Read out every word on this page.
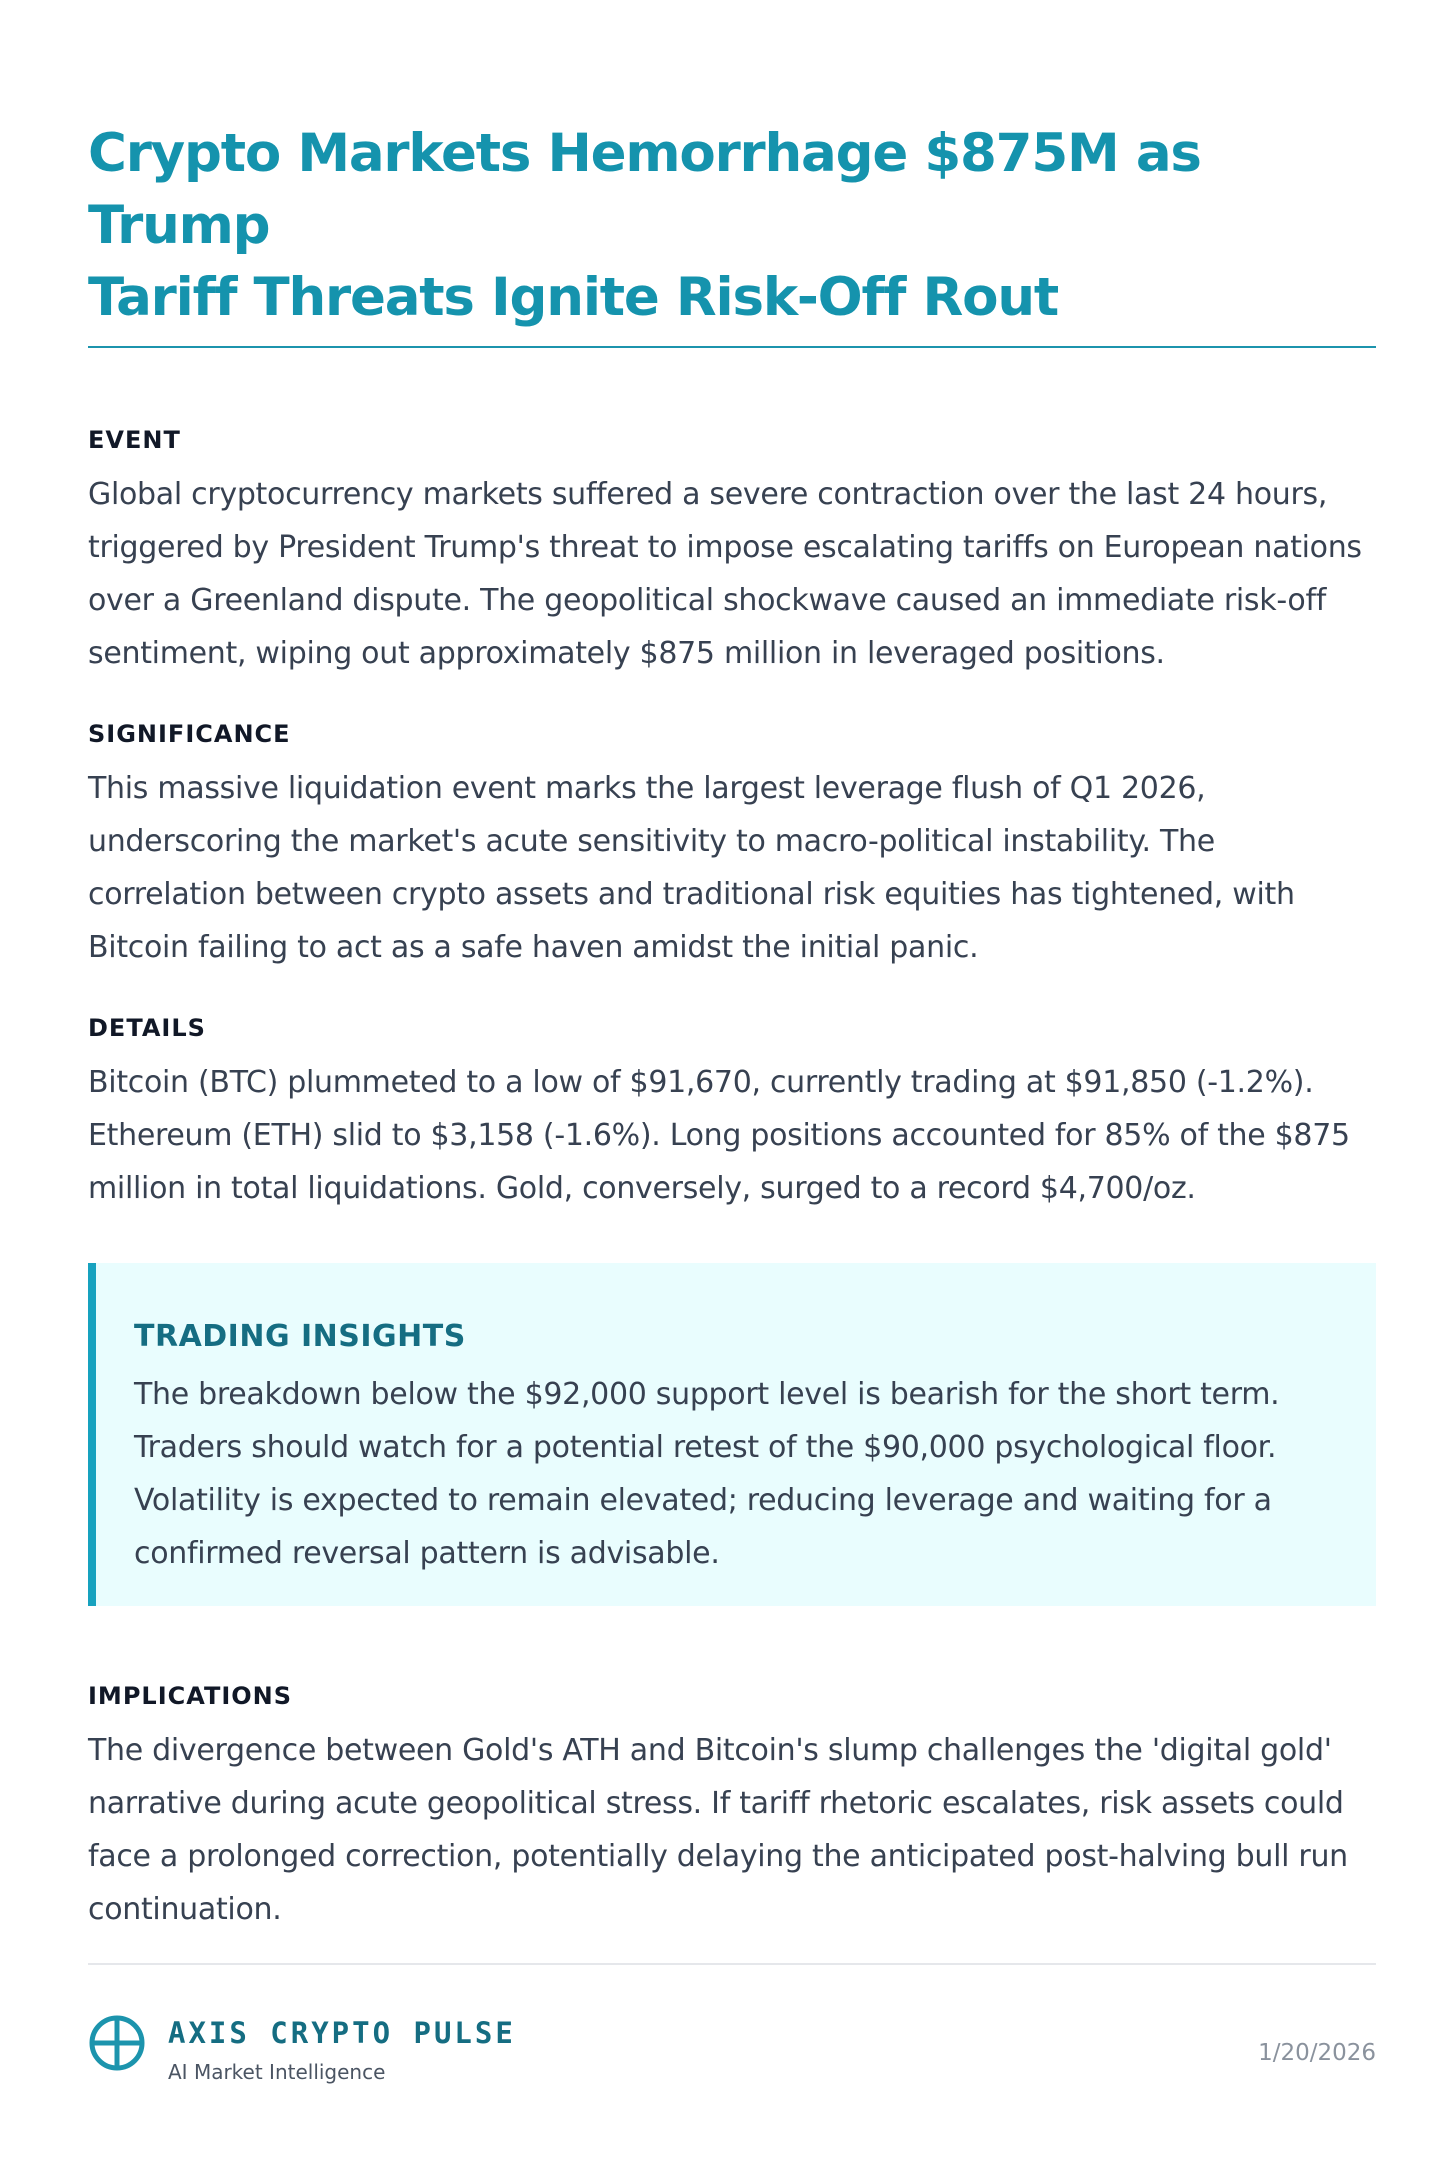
Crypto Markets Hemorrhage $875M as Trump
Tariff Threats Ignite Risk-Off Rout
EVENT

Global cryptocurrency markets suffered a severe contraction over the last 24 hours, triggered by President Trump's threat to impose escalating tariffs on European nations over a Greenland dispute. The geopolitical shockwave caused an immediate risk-off sentiment, wiping out approximately $875 million in leveraged positions.

SIGNIFICANCE

This massive liquidation event marks the largest leverage flush of Q1 2026, underscoring the market's acute sensitivity to macro-political instability. The correlation between crypto assets and traditional risk equities has tightened, with Bitcoin failing to act as a safe haven amidst the initial panic.

DETAILS

Bitcoin (BTC) plummeted to a low of $91,670, currently trading at $91,850 (-1.2%). Ethereum (ETH) slid to $3,158 (-1.6%). Long positions accounted for 85% of the $875 million in total liquidations. Gold, conversely, surged to a record $4,700/oz.

TRADING INSIGHTS

The breakdown below the $92,000 support level is bearish for the short term. Traders should watch for a potential retest of the $90,000 psychological floor. Volatility is expected to remain elevated; reducing leverage and waiting for a confirmed reversal pattern is advisable.

IMPLICATIONS

The divergence between Gold's ATH and Bitcoin's slump challenges the 'digital gold' narrative during acute geopolitical stress. If tariff rhetoric escalates, risk assets could face a prolonged correction, potentially delaying the anticipated post-halving bull run continuation.

AXIS CRYPTO PULSE
AI Market Intelligence
1/20/2026
